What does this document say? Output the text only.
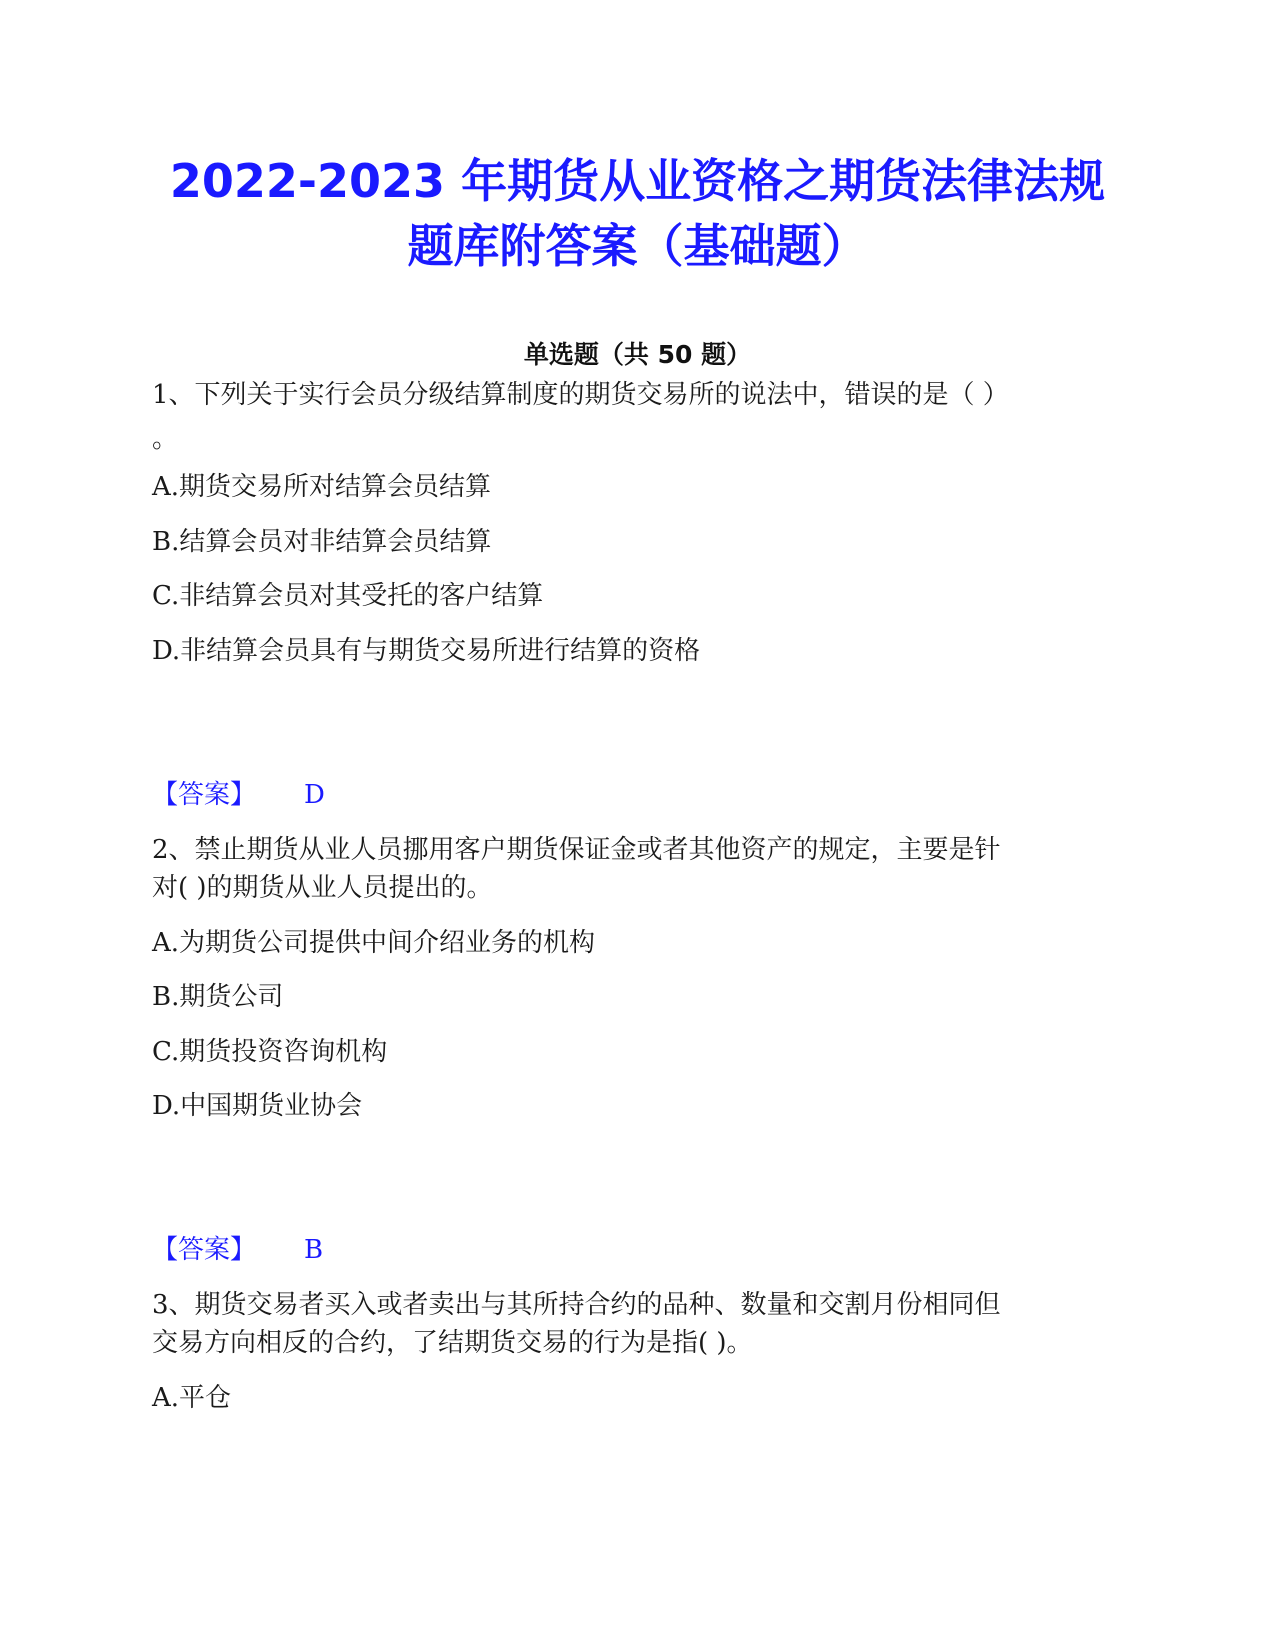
2022-2023 年期货从业资格之期货法律法规
题库附答案（基础题）
单选题（共 50 题）
1、下列关于实行会员分级结算制度的期货交易所的说法中，错误的是（ ）
。
A.期货交易所对结算会员结算
B.结算会员对非结算会员结算
C.非结算会员对其受托的客户结算
D.非结算会员具有与期货交易所进行结算的资格
【答案】 D
2、禁止期货从业人员挪用客户期货保证金或者其他资产的规定，主要是针
对( )的期货从业人员提出的。
A.为期货公司提供中间介绍业务的机构
B.期货公司
C.期货投资咨询机构
D.中国期货业协会
【答案】 B
3、期货交易者买入或者卖出与其所持合约的品种、数量和交割月份相同但
交易方向相反的合约，了结期货交易的行为是指( )。
A.平仓
